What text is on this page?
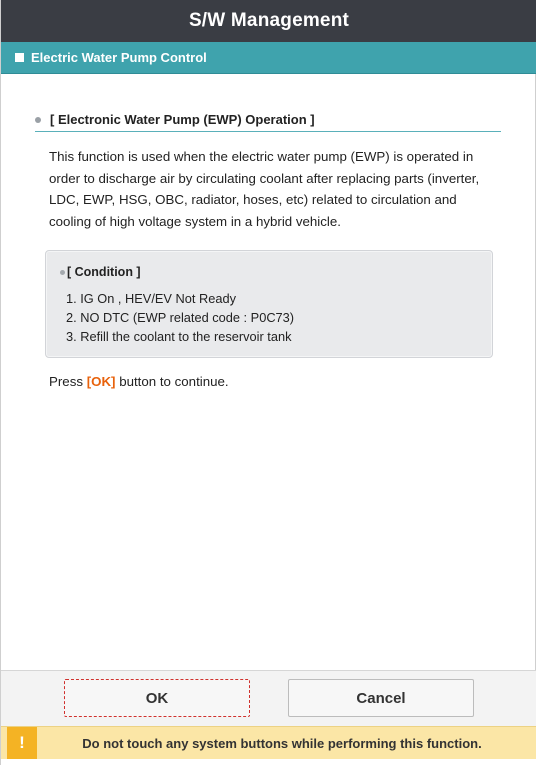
S/W Management
Electric Water Pump Control
[ Electronic Water Pump (EWP) Operation ]

This function is used when the electric water pump (EWP) is operated in order to discharge air by circulating coolant after replacing parts (inverter, LDC, EWP, HSG, OBC, radiator, hoses, etc) related to circulation and cooling of high voltage system in a hybrid vehicle.

[ Condition ]
1. IG On , HEV/EV Not Ready
2. NO DTC (EWP related code : P0C73)
3. Refill the coolant to the reservoir tank
Press [OK] button to continue.
OK	Cancel
!	Do not touch any system buttons while performing this function.
